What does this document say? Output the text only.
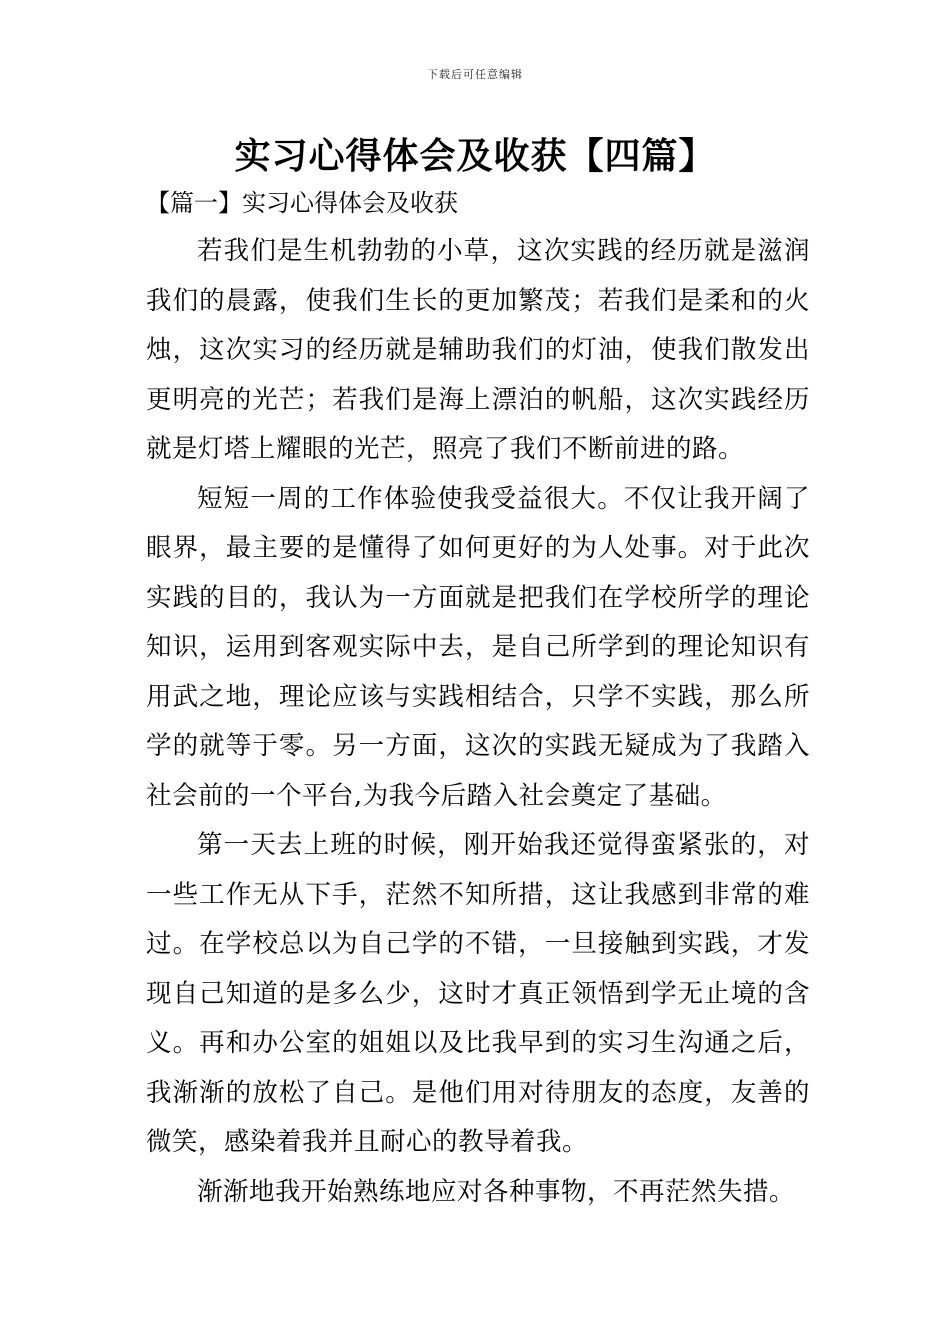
下载后可任意编辑
实习心得体会及收获【四篇】
【篇一】实习心得体会及收获

若我们是生机勃勃的小草，这次实践的经历就是滋润我们的晨露，使我们生长的更加繁茂；若我们是柔和的火烛，这次实习的经历就是辅助我们的灯油，使我们散发出更明亮的光芒；若我们是海上漂泊的帆船，这次实践经历就是灯塔上耀眼的光芒，照亮了我们不断前进的路。

短短一周的工作体验使我受益很大。不仅让我开阔了眼界，最主要的是懂得了如何更好的为人处事。对于此次实践的目的，我认为一方面就是把我们在学校所学的理论知识，运用到客观实际中去，是自己所学到的理论知识有用武之地，理论应该与实践相结合，只学不实践，那么所学的就等于零。另一方面，这次的实践无疑成为了我踏入社会前的一个平台,为我今后踏入社会奠定了基础。

第一天去上班的时候，刚开始我还觉得蛮紧张的，对一些工作无从下手，茫然不知所措，这让我感到非常的难过。在学校总以为自己学的不错，一旦接触到实践，才发现自己知道的是多么少，这时才真正领悟到学无止境的含义。再和办公室的姐姐以及比我早到的实习生沟通之后，我渐渐的放松了自己。是他们用对待朋友的态度，友善的微笑，感染着我并且耐心的教导着我。

渐渐地我开始熟练地应对各种事物，不再茫然失措。
